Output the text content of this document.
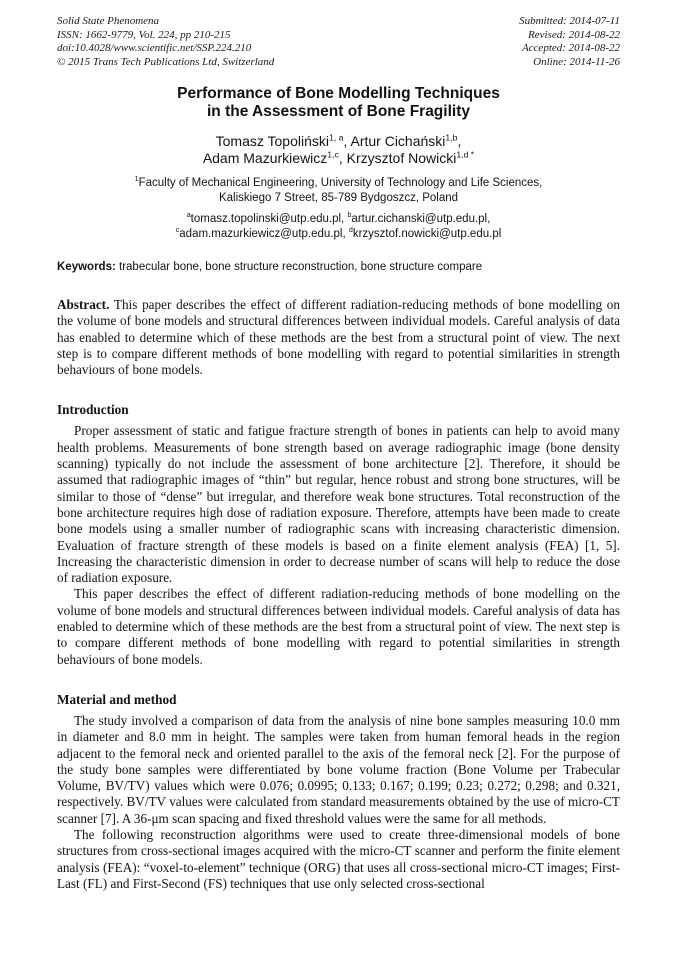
Solid State Phenomena
ISSN: 1662-9779, Vol. 224, pp 210-215
doi:10.4028/www.scientific.net/SSP.224.210
© 2015 Trans Tech Publications Ltd, Switzerland
Submitted: 2014-07-11
Revised: 2014-08-22
Accepted: 2014-08-22
Online: 2014-11-26
Performance of Bone Modelling Techniques
in the Assessment of Bone Fragility
Tomasz Topoliński$^{1, a}$, Artur Cichański$^{1,b}$,
Adam Mazurkiewicz$^{1,c}$, Krzysztof Nowicki$^{1,d *}$
$^1$Faculty of Mechanical Engineering, University of Technology and Life Sciences,
Kaliskiego 7 Street, 85-789 Bydgoszcz, Poland
$^a$tomasz.topolinski@utp.edu.pl, $^b$artur.cichanski@utp.edu.pl,
$^c$adam.mazurkiewicz@utp.edu.pl, $^d$krzysztof.nowicki@utp.edu.pl

Keywords: trabecular bone, bone structure reconstruction, bone structure compare

Abstract. This paper describes the effect of different radiation-reducing methods of bone modelling on the volume of bone models and structural differences between individual models. Careful analysis of data has enabled to determine which of these methods are the best from a structural point of view. The next step is to compare different methods of bone modelling with regard to potential similarities in strength behaviours of bone models.

Introduction

Proper assessment of static and fatigue fracture strength of bones in patients can help to avoid many health problems. Measurements of bone strength based on average radiographic image (bone density scanning) typically do not include the assessment of bone architecture [2]. Therefore, it should be assumed that radiographic images of “thin” but regular, hence robust and strong bone structures, will be similar to those of “dense” but irregular, and therefore weak bone structures. Total reconstruction of the bone architecture requires high dose of radiation exposure. Therefore, attempts have been made to create bone models using a smaller number of radiographic scans with increasing characteristic dimension. Evaluation of fracture strength of these models is based on a finite element analysis (FEA) [1, 5]. Increasing the characteristic dimension in order to decrease number of scans will help to reduce the dose of radiation exposure.

This paper describes the effect of different radiation-reducing methods of bone modelling on the volume of bone models and structural differences between individual models. Careful analysis of data has enabled to determine which of these methods are the best from a structural point of view. The next step is to compare different methods of bone modelling with regard to potential similarities in strength behaviours of bone models.

Material and method

The study involved a comparison of data from the analysis of nine bone samples measuring 10.0 mm in diameter and 8.0 mm in height. The samples were taken from human femoral heads in the region adjacent to the femoral neck and oriented parallel to the axis of the femoral neck [2]. For the purpose of the study bone samples were differentiated by bone volume fraction (Bone Volume per Trabecular Volume, BV/TV) values which were 0.076; 0.0995; 0.133; 0.167; 0.199; 0.23; 0.272; 0.298; and 0.321, respectively. BV/TV values were calculated from standard measurements obtained by the use of micro-CT scanner [7]. A 36-μm scan spacing and fixed threshold values were the same for all methods.

The following reconstruction algorithms were used to create three-dimensional models of bone structures from cross-sectional images acquired with the micro-CT scanner and perform the finite element analysis (FEA): “voxel-to-element” technique (ORG) that uses all cross-sectional micro-CT images; First-Last (FL) and First-Second (FS) techniques that use only selected cross-sectional
